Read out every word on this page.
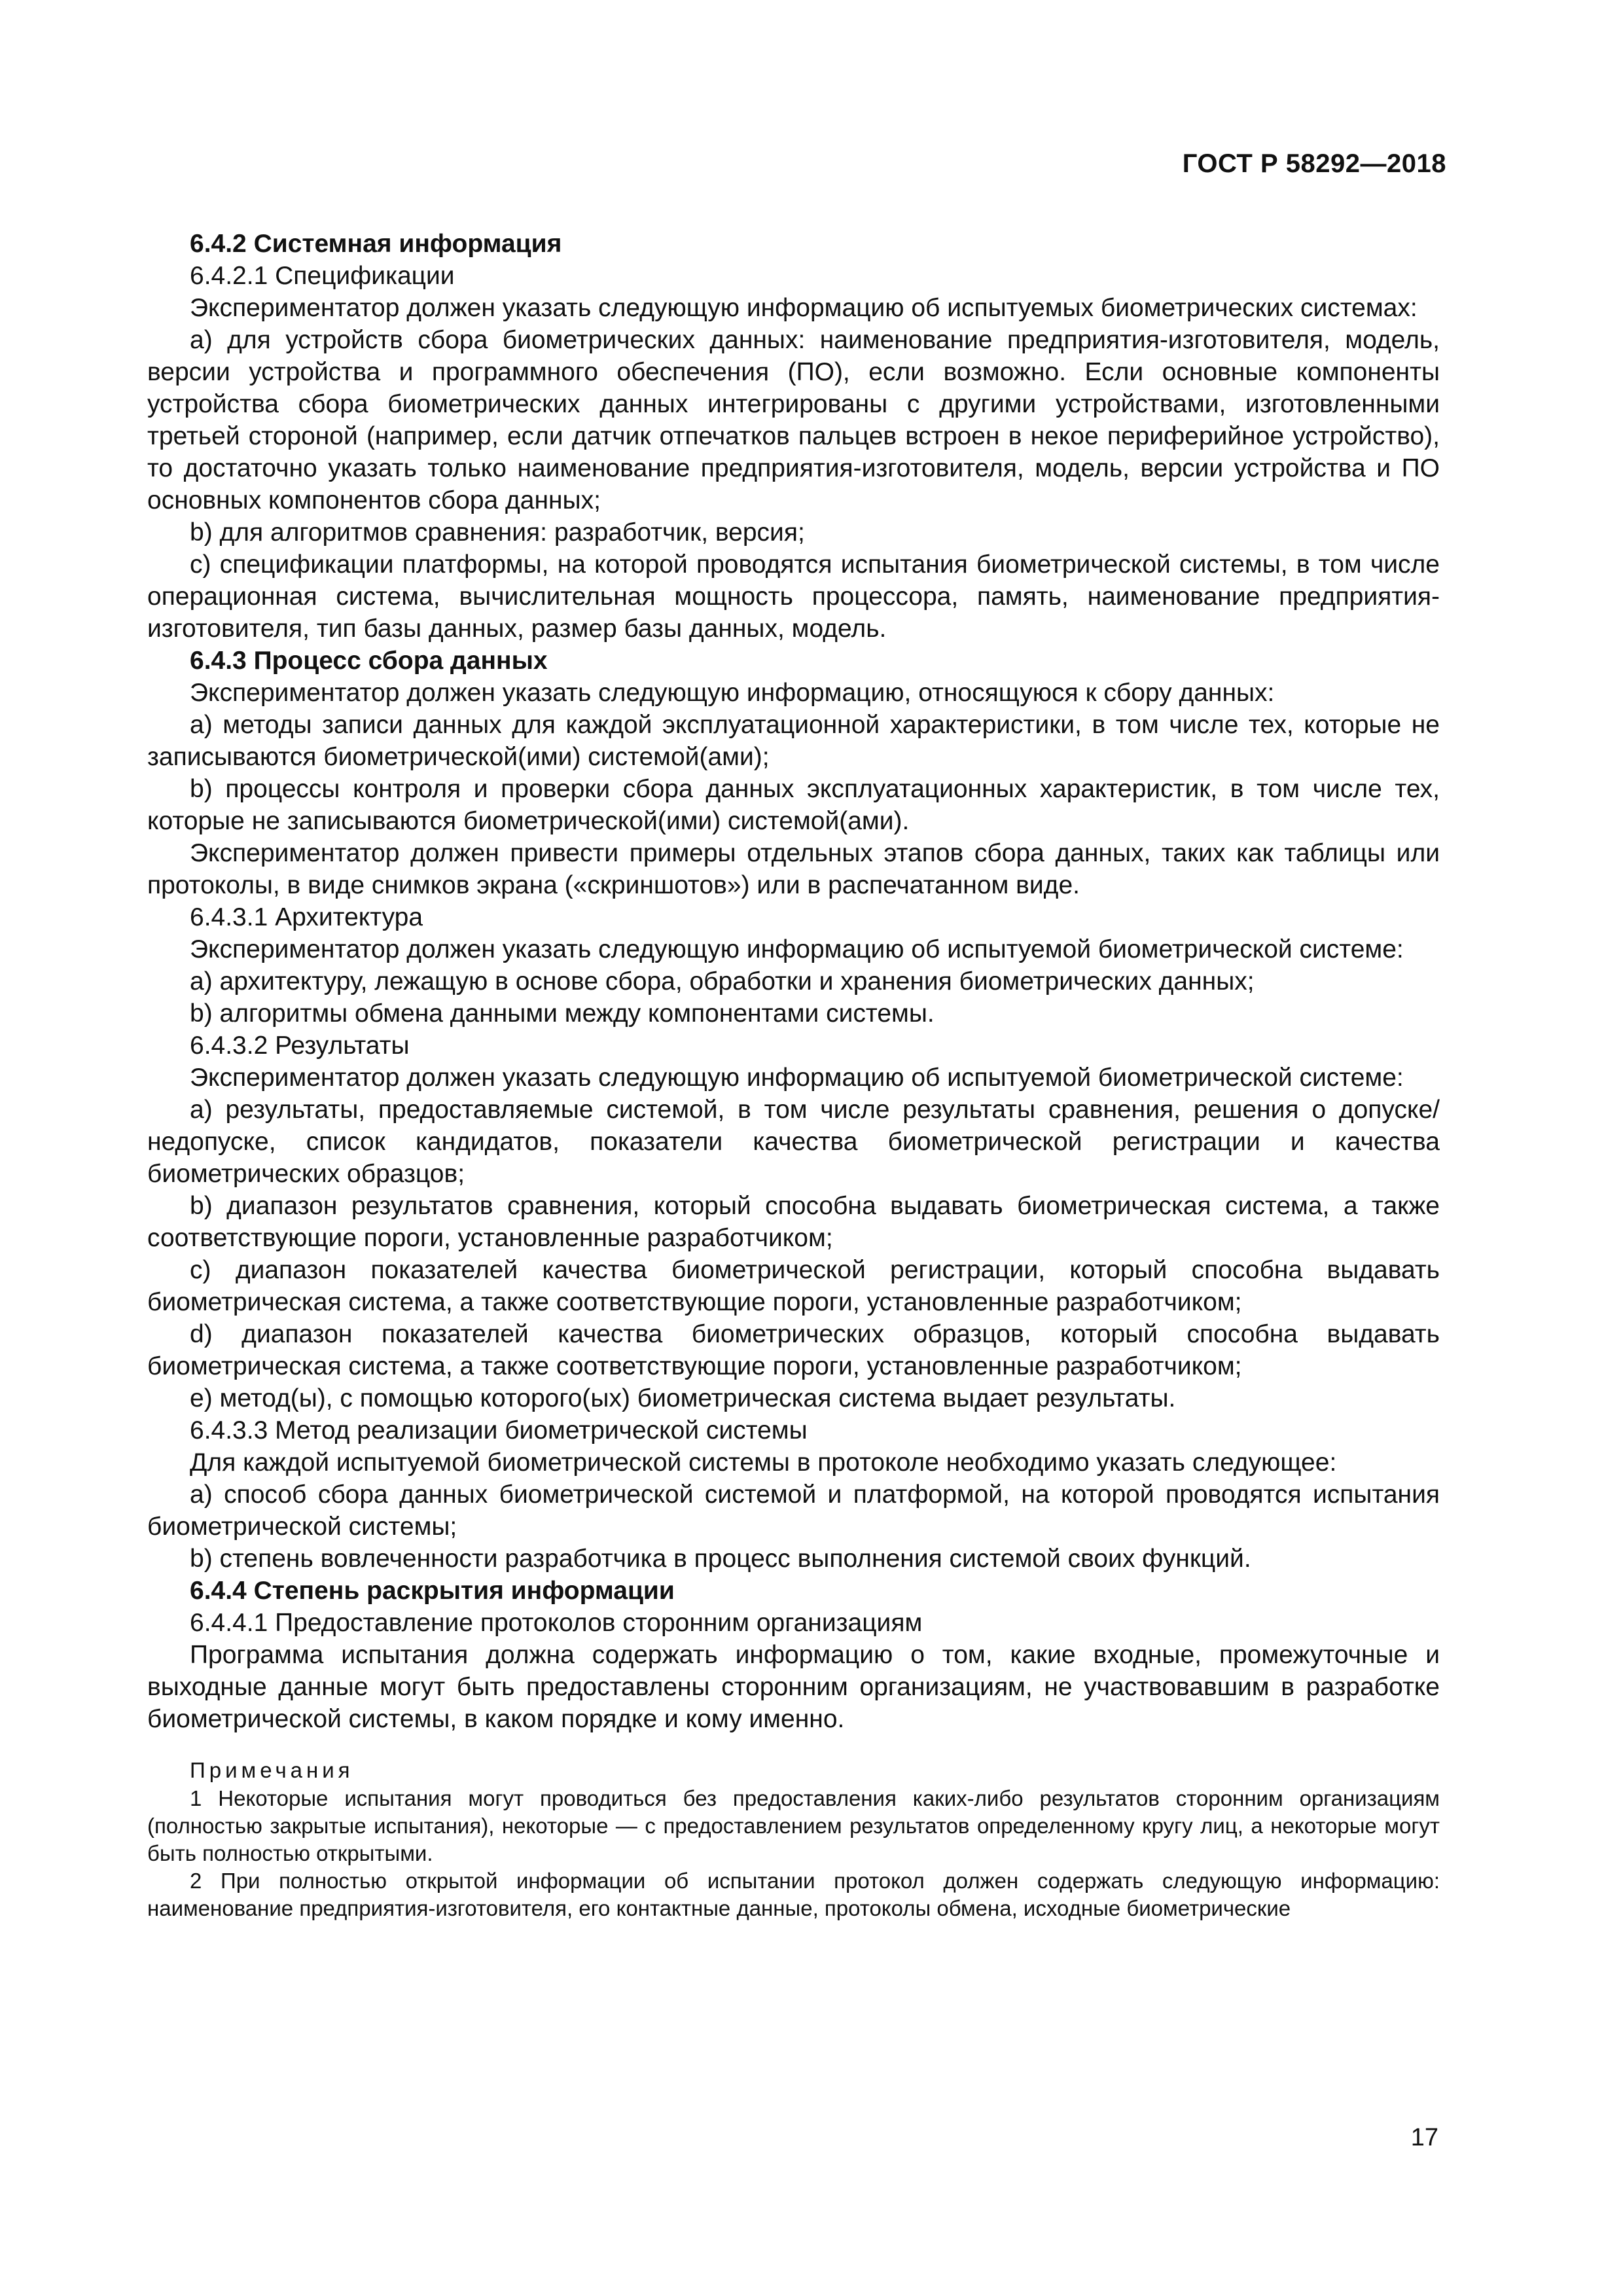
ГОСТ Р 58292—2018

6.4.2 Системная информация

6.4.2.1 Спецификации

Экспериментатор должен указать следующую информацию об испытуемых биометрических системах:

a) для устройств сбора биометрических данных: наименование предприятия-изготовителя, модель, версии устройства и программного обеспечения (ПО), если возможно. Если основные компоненты устройства сбора биометрических данных интегрированы с другими устройствами, изготовленными третьей стороной (например, если датчик отпечатков пальцев встроен в некое периферийное устройство), то достаточно указать только наименование предприятия-изготовителя, модель, версии устройства и ПО основных компонентов сбора данных;

b) для алгоритмов сравнения: разработчик, версия;

c) спецификации платформы, на которой проводятся испытания биометрической системы, в том числе операционная система, вычислительная мощность процессора, память, наименование предприятия-изготовителя, тип базы данных, размер базы данных, модель.

6.4.3 Процесс сбора данных

Экспериментатор должен указать следующую информацию, относящуюся к сбору данных:

a) методы записи данных для каждой эксплуатационной характеристики, в том числе тех, которые не записываются биометрической(ими) системой(ами);

b) процессы контроля и проверки сбора данных эксплуатационных характеристик, в том числе тех, которые не записываются биометрической(ими) системой(ами).

Экспериментатор должен привести примеры отдельных этапов сбора данных, таких как таблицы или протоколы, в виде снимков экрана («скриншотов») или в распечатанном виде.

6.4.3.1 Архитектура

Экспериментатор должен указать следующую информацию об испытуемой биометрической системе:

a) архитектуру, лежащую в основе сбора, обработки и хранения биометрических данных;

b) алгоритмы обмена данными между компонентами системы.

6.4.3.2 Результаты

Экспериментатор должен указать следующую информацию об испытуемой биометрической системе:

a) результаты, предоставляемые системой, в том числе результаты сравнения, решения о допуске/недопуске, список кандидатов, показатели качества биометрической регистрации и качества биометрических образцов;

b) диапазон результатов сравнения, который способна выдавать биометрическая система, а также соответствующие пороги, установленные разработчиком;

c) диапазон показателей качества биометрической регистрации, который способна выдавать биометрическая система, а также соответствующие пороги, установленные разработчиком;

d) диапазон показателей качества биометрических образцов, который способна выдавать биометрическая система, а также соответствующие пороги, установленные разработчиком;

e) метод(ы), с помощью которого(ых) биометрическая система выдает результаты.

6.4.3.3 Метод реализации биометрической системы

Для каждой испытуемой биометрической системы в протоколе необходимо указать следующее:

a) способ сбора данных биометрической системой и платформой, на которой проводятся испытания биометрической системы;

b) степень вовлеченности разработчика в процесс выполнения системой своих функций.

6.4.4 Степень раскрытия информации

6.4.4.1 Предоставление протоколов сторонним организациям

Программа испытания должна содержать информацию о том, какие входные, промежуточные и выходные данные могут быть предоставлены сторонним организациям, не участвовавшим в разработке биометрической системы, в каком порядке и кому именно.

Примечания

1 Некоторые испытания могут проводиться без предоставления каких-либо результатов сторонним организациям (полностью закрытые испытания), некоторые — с предоставлением результатов определенному кругу лиц, а некоторые могут быть полностью открытыми.

2 При полностью открытой информации об испытании протокол должен содержать следующую информацию: наименование предприятия-изготовителя, его контактные данные, протоколы обмена, исходные биометрические

17
